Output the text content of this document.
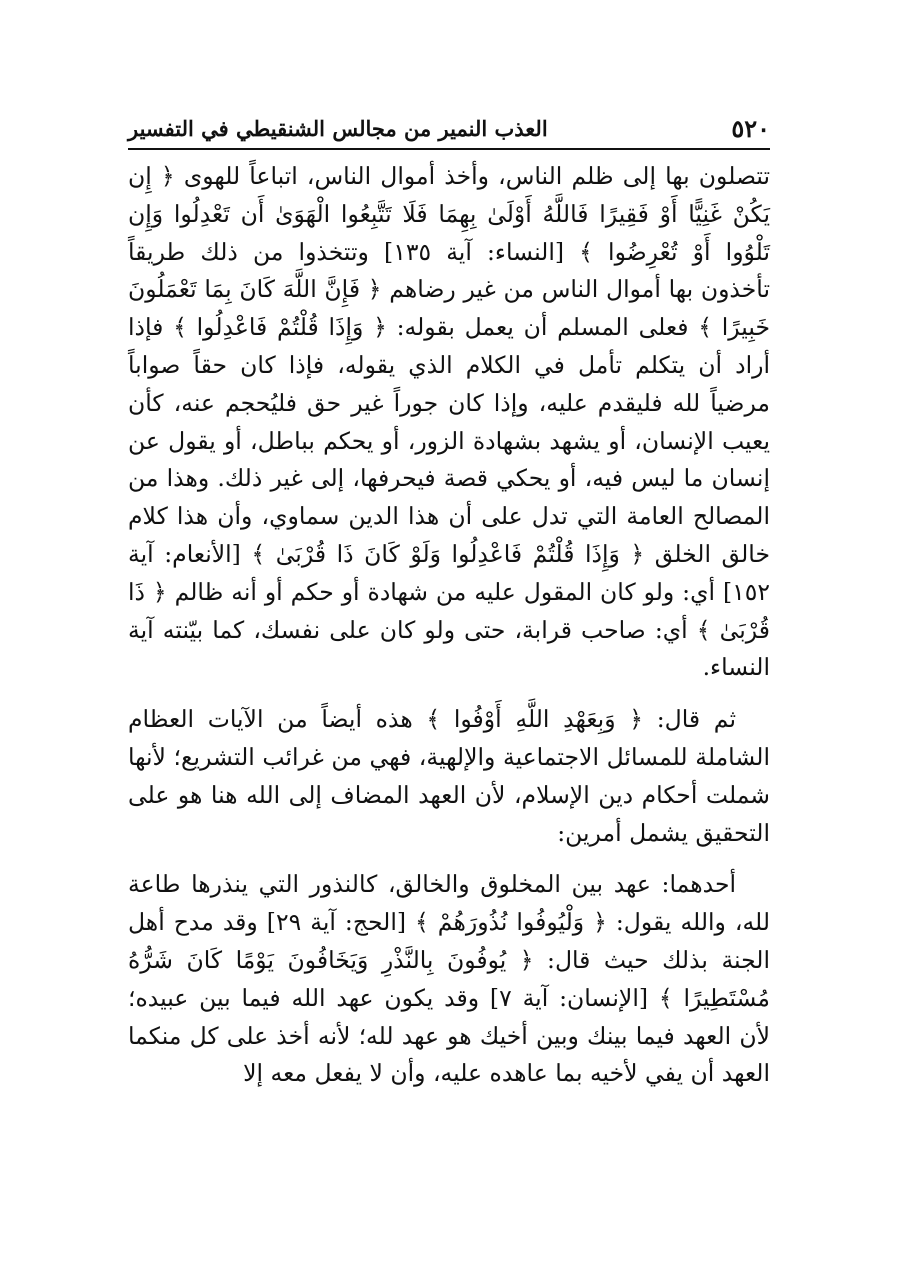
٥٢٠
العذب النمير من مجالس الشنقيطي في التفسير

تتصلون بها إلى ظلم الناس، وأخذ أموال الناس، اتباعاً للهوى ﴿ إِن يَكُنْ غَنِيًّا أَوْ فَقِيرًا فَاللَّهُ أَوْلَىٰ بِهِمَا فَلَا تَتَّبِعُوا الْهَوَىٰ أَن تَعْدِلُوا وَإِن تَلْوُوا أَوْ تُعْرِضُوا ﴾ [النساء: آية ١٣٥] وتتخذوا من ذلك طريقاً تأخذون بها أموال الناس من غير رضاهم ﴿ فَإِنَّ اللَّهَ كَانَ بِمَا تَعْمَلُونَ خَبِيرًا ﴾ فعلى المسلم أن يعمل بقوله: ﴿ وَإِذَا قُلْتُمْ فَاعْدِلُوا ﴾ فإذا أراد أن يتكلم تأمل في الكلام الذي يقوله، فإذا كان حقاً صواباً مرضياً لله فليقدم عليه، وإذا كان جوراً غير حق فليُحجم عنه، كأن يعيب الإنسان، أو يشهد بشهادة الزور، أو يحكم بباطل، أو يقول عن إنسان ما ليس فيه، أو يحكي قصة فيحرفها، إلى غير ذلك. وهذا من المصالح العامة التي تدل على أن هذا الدين سماوي، وأن هذا كلام خالق الخلق ﴿ وَإِذَا قُلْتُمْ فَاعْدِلُوا وَلَوْ كَانَ ذَا قُرْبَىٰ ﴾ [الأنعام: آية ١٥٢] أي: ولو كان المقول عليه من شهادة أو حكم أو أنه ظالم ﴿ ذَا قُرْبَىٰ ﴾ أي: صاحب قرابة، حتى ولو كان على نفسك، كما بيّنته آية النساء.

ثم قال: ﴿ وَبِعَهْدِ اللَّهِ أَوْفُوا ﴾ هذه أيضاً من الآيات العظام الشاملة للمسائل الاجتماعية والإلهية، فهي من غرائب التشريع؛ لأنها شملت أحكام دين الإسلام، لأن العهد المضاف إلى الله هنا هو على التحقيق يشمل أمرين:

أحدهما: عهد بين المخلوق والخالق، كالنذور التي ينذرها طاعة لله، والله يقول: ﴿ وَلْيُوفُوا نُذُورَهُمْ ﴾ [الحج: آية ٢٩] وقد مدح أهل الجنة بذلك حيث قال: ﴿ يُوفُونَ بِالنَّذْرِ وَيَخَافُونَ يَوْمًا كَانَ شَرُّهُ مُسْتَطِيرًا ﴾ [الإنسان: آية ٧] وقد يكون عهد الله فيما بين عبيده؛ لأن العهد فيما بينك وبين أخيك هو عهد لله؛ لأنه أخذ على كل منكما العهد أن يفي لأخيه بما عاهده عليه، وأن لا يفعل معه إلا
